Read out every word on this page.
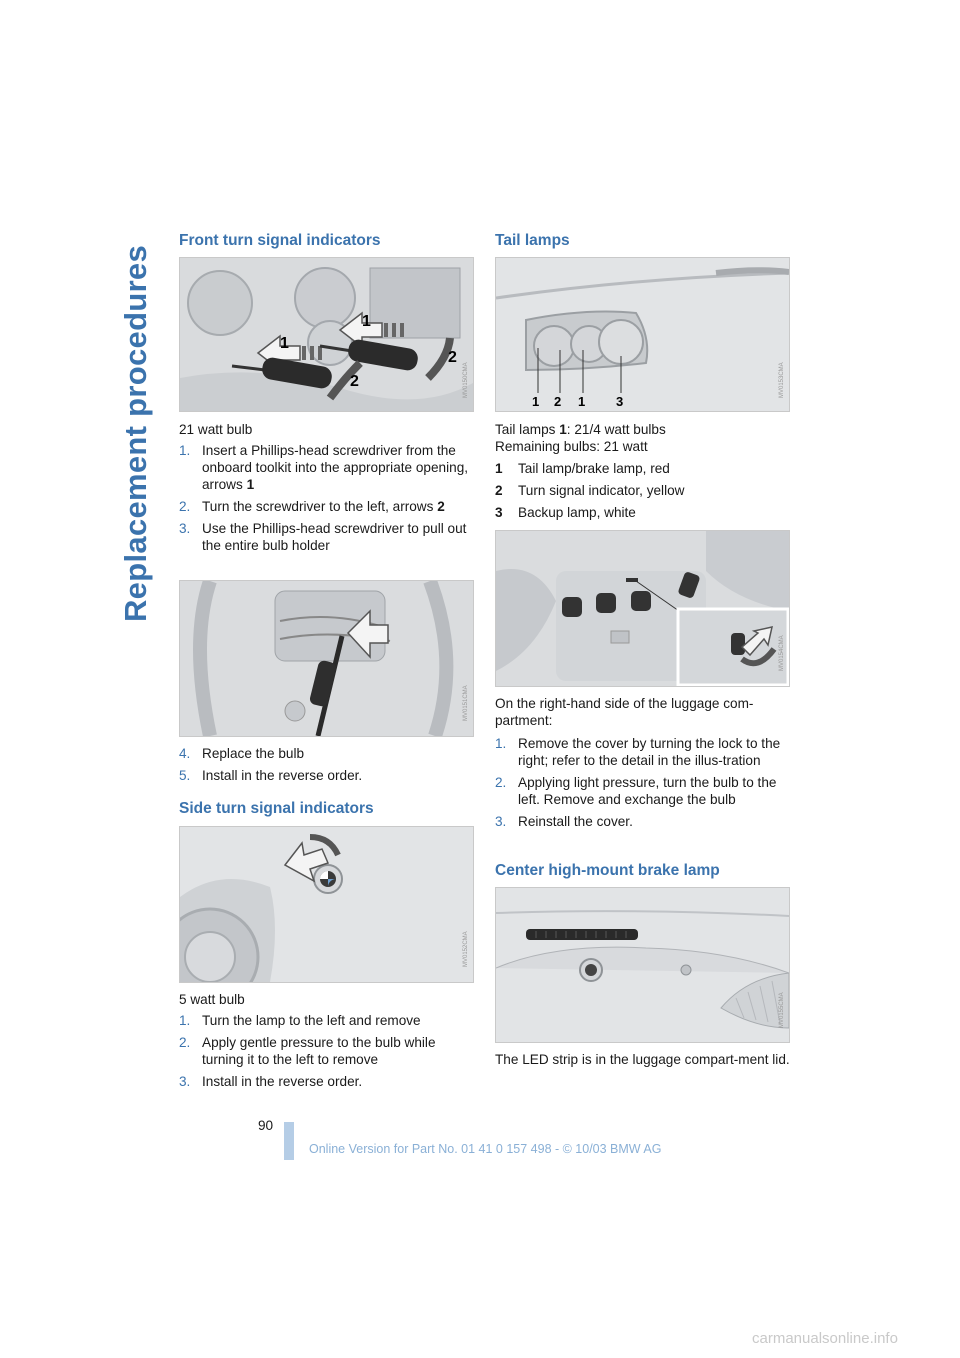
Replacement procedures
Front turn signal indicators
1
2
1
2
MV0150CMA

21 watt bulb

1. Insert a Phillips-head screwdriver from the onboard toolkit into the appropriate opening, arrows 1
2. Turn the screwdriver to the left, arrows 2
3. Use the Phillips-head screwdriver to pull out the entire bulb holder
MV0151CMA
4. Replace the bulb
5. Install in the reverse order.
Side turn signal indicators
MV0152CMA

5 watt bulb

1. Turn the lamp to the left and remove
2. Apply gentle pressure to the bulb while turning it to the left to remove
3. Install in the reverse order.
Tail lamps
1 2 1 3
MV0153CMA

Tail lamps 1: 21/4 watt bulbs

Remaining bulbs: 21 watt

1 Tail lamp/brake lamp, red
2 Turn signal indicator, yellow
3 Backup lamp, white
MV0154CMA

On the right-hand side of the luggage com-partment:

1. Remove the cover by turning the lock to the right; refer to the detail in the illus-tration
2. Applying light pressure, turn the bulb to the left. Remove and exchange the bulb
3. Reinstall the cover.
Center high-mount brake lamp
MV0155CMA

The LED strip is in the luggage compart-ment lid.

90
Online Version for Part No. 01 41 0 157 498 - © 10/03 BMW AG
carmanualsonline.info
